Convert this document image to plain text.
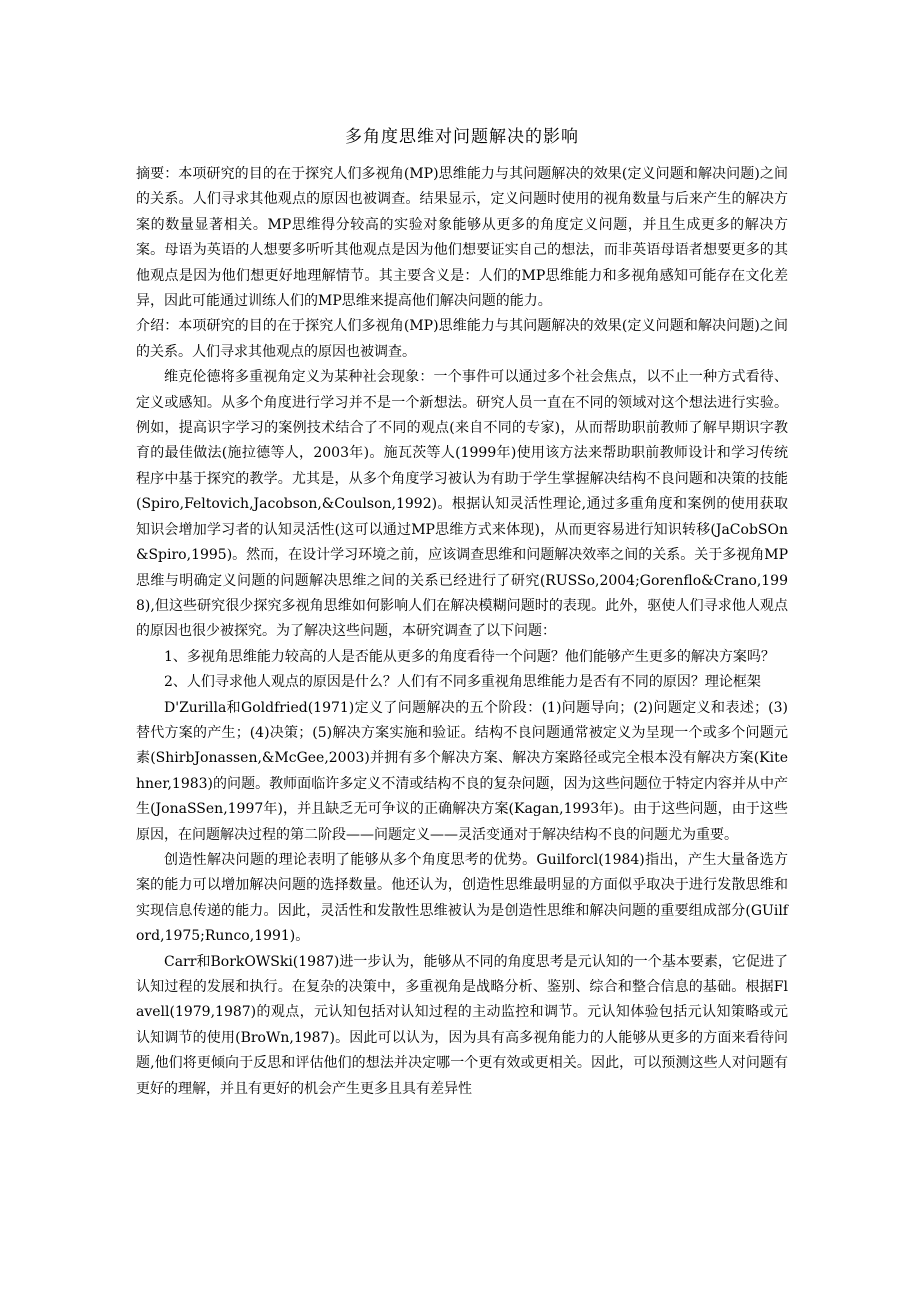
多角度思维对问题解决的影响

摘要：本项研究的目的在于探究人们多视角(MP)思维能力与其问题解决的效果(定义问题和解决问题)之间的关系。人们寻求其他观点的原因也被调查。结果显示，定义问题时使用的视角数量与后来产生的解决方案的数量显著相关。MP思维得分较高的实验对象能够从更多的角度定义问题，并且生成更多的解决方案。母语为英语的人想要多听听其他观点是因为他们想要证实自己的想法，而非英语母语者想要更多的其他观点是因为他们想更好地理解情节。其主要含义是：人们的MP思维能力和多视角感知可能存在文化差异，因此可能通过训练人们的MP思维来提高他们解决问题的能力。

介绍：本项研究的目的在于探究人们多视角(MP)思维能力与其问题解决的效果(定义问题和解决问题)之间的关系。人们寻求其他观点的原因也被调查。

维克伦德将多重视角定义为某种社会现象：一个事件可以通过多个社会焦点，以不止一种方式看待、定义或感知。从多个角度进行学习并不是一个新想法。研究人员一直在不同的领域对这个想法进行实验。例如，提高识字学习的案例技术结合了不同的观点(来自不同的专家)，从而帮助职前教师了解早期识字教育的最佳做法(施拉德等人，2003年)。施瓦茨等人(1999年)使用该方法来帮助职前教师设计和学习传统程序中基于探究的教学。尤其是，从多个角度学习被认为有助于学生掌握解决结构不良问题和决策的技能(Spiro,Feltovich,Jacobson,&Coulson,1992)。根据认知灵活性理论,通过多重角度和案例的使用获取知识会增加学习者的认知灵活性(这可以通过MP思维方式来体现)，从而更容易进行知识转移(JaCobSOn&Spiro,1995)。然而，在设计学习环境之前，应该调查思维和问题解决效率之间的关系。关于多视角MP思维与明确定义问题的问题解决思维之间的关系已经进行了研究(RUSSo,2004;Gorenflo&Crano,1998),但这些研究很少探究多视角思维如何影响人们在解决模糊问题时的表现。此外，驱使人们寻求他人观点的原因也很少被探究。为了解决这些问题，本研究调查了以下问题：

1、多视角思维能力较高的人是否能从更多的角度看待一个问题？他们能够产生更多的解决方案吗？

2、人们寻求他人观点的原因是什么？人们有不同多重视角思维能力是否有不同的原因？理论框架

D'Zurilla和Goldfried(1971)定义了问题解决的五个阶段：(1)问题导向；(2)问题定义和表述；(3)替代方案的产生；(4)决策；(5)解决方案实施和验证。结构不良问题通常被定义为呈现一个或多个问题元素(ShirbJonassen,&McGee,2003)并拥有多个解决方案、解决方案路径或完全根本没有解决方案(Kitehner,1983)的问题。教师面临许多定义不清或结构不良的复杂问题，因为这些问题位于特定内容并从中产生(JonaSSen,1997年)，并且缺乏无可争议的正确解决方案(Kagan,1993年)。由于这些问题，由于这些原因，在问题解决过程的第二阶段——问题定义——灵活变通对于解决结构不良的问题尤为重要。

创造性解决问题的理论表明了能够从多个角度思考的优势。Guilforcl(1984)指出，产生大量备选方案的能力可以增加解决问题的选择数量。他还认为，创造性思维最明显的方面似乎取决于进行发散思维和实现信息传递的能力。因此，灵活性和发散性思维被认为是创造性思维和解决问题的重要组成部分(GUilford,1975;Runco,1991)。

Carr和BorkOWSki(1987)进一步认为，能够从不同的角度思考是元认知的一个基本要素，它促进了认知过程的发展和执行。在复杂的决策中，多重视角是战略分析、鉴别、综合和整合信息的基础。根据Flavell(1979,1987)的观点，元认知包括对认知过程的主动监控和调节。元认知体验包括元认知策略或元认知调节的使用(BroWn,1987)。因此可以认为，因为具有高多视角能力的人能够从更多的方面来看待问题,他们将更倾向于反思和评估他们的想法并决定哪一个更有效或更相关。因此，可以预测这些人对问题有更好的理解，并且有更好的机会产生更多且具有差异性
